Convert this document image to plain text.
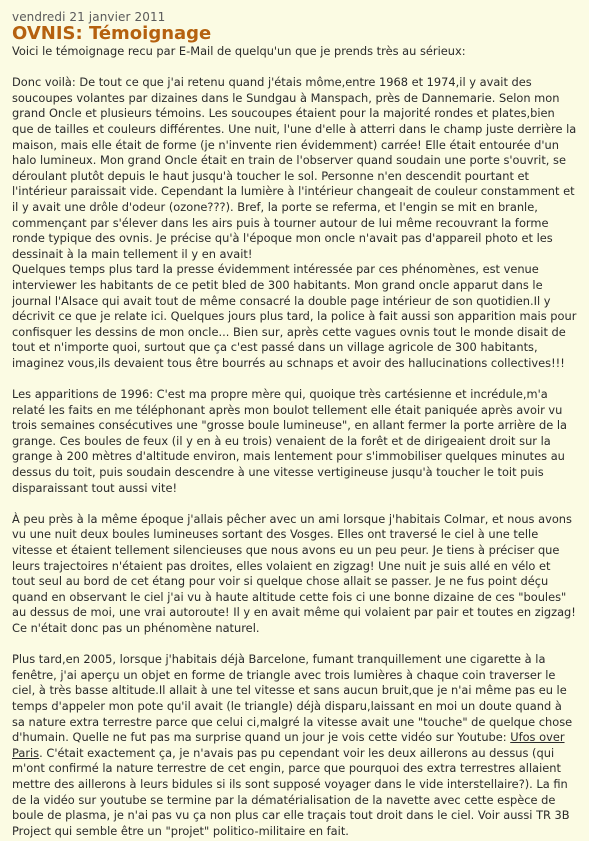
vendredi 21 janvier 2011
OVNIS: Témoignage

Voici le témoignage recu par E-Mail de quelqu'un que je prends très au sérieux:

Donc voilà: De tout ce que j'ai retenu quand j'étais môme,entre 1968 et 1974,il y avait des soucoupes volantes par dizaines dans le Sundgau à Manspach, près de Dannemarie. Selon mon grand Oncle et plusieurs témoins. Les soucoupes étaient pour la majorité rondes et plates,bien que de tailles et couleurs différentes. Une nuit, l'une d'elle à atterri dans le champ juste derrière la maison, mais elle était de forme (je n'invente rien évidemment) carrée! Elle était entourée d'un halo lumineux. Mon grand Oncle était en train de l'observer quand soudain une porte s'ouvrit, se déroulant plutôt depuis le haut jusqu'à toucher le sol. Personne n'en descendit pourtant et l'intérieur paraissait vide. Cependant la lumière à l'intérieur changeait de couleur constamment et il y avait une drôle d'odeur (ozone???). Bref, la porte se referma, et l'engin se mit en branle, commençant par s'élever dans les airs puis à tourner autour de lui même recouvrant la forme ronde typique des ovnis. Je précise qu'à l'époque mon oncle n'avait pas d'appareil photo et les dessinait à la main tellement il y en avait!

Quelques temps plus tard la presse évidemment intéressée par ces phénomènes, est venue interviewer les habitants de ce petit bled de 300 habitants. Mon grand oncle apparut dans le journal l'Alsace qui avait tout de même consacré la double page intérieur de son quotidien.Il y décrivit ce que je relate ici. Quelques jours plus tard, la police à fait aussi son apparition mais pour confisquer les dessins de mon oncle... Bien sur, après cette vagues ovnis tout le monde disait de tout et n'importe quoi, surtout que ça c'est passé dans un village agricole de 300 habitants, imaginez vous,ils devaient tous être bourrés au schnaps et avoir des hallucinations collectives!!!

Les apparitions de 1996: C'est ma propre mère qui, quoique très cartésienne et incrédule,m'a relaté les faits en me téléphonant après mon boulot tellement elle était paniquée après avoir vu trois semaines consécutives une "grosse boule lumineuse", en allant fermer la porte arrière de la grange. Ces boules de feux (il y en à eu trois) venaient de la forêt et de dirigeaient droit sur la grange à 200 mètres d'altitude environ, mais lentement pour s'immobiliser quelques minutes au dessus du toit, puis soudain descendre à une vitesse vertigineuse jusqu'à toucher le toit puis disparaissant tout aussi vite!

À peu près à la même époque j'allais pêcher avec un ami lorsque j'habitais Colmar, et nous avons vu une nuit deux boules lumineuses sortant des Vosges. Elles ont traversé le ciel à une telle vitesse et étaient tellement silencieuses que nous avons eu un peu peur. Je tiens à préciser que leurs trajectoires n'étaient pas droites, elles volaient en zigzag! Une nuit je suis allé en vélo et tout seul au bord de cet étang pour voir si quelque chose allait se passer. Je ne fus point déçu quand en observant le ciel j'ai vu à haute altitude cette fois ci une bonne dizaine de ces "boules" au dessus de moi, une vrai autoroute! Il y en avait même qui volaient par pair et toutes en zigzag! Ce n'était donc pas un phénomène naturel.

Plus tard,en 2005, lorsque j'habitais déjà Barcelone, fumant tranquillement une cigarette à la fenêtre, j'ai aperçu un objet en forme de triangle avec trois lumières à chaque coin traverser le ciel, à très basse altitude.Il allait à une tel vitesse et sans aucun bruit,que je n'ai même pas eu le temps d'appeler mon pote qu'il avait (le triangle) déjà disparu,laissant en moi un doute quand à sa nature extra terrestre parce que celui ci,malgré la vitesse avait une "touche" de quelque chose d'humain. Quelle ne fut pas ma surprise quand un jour je vois cette vidéo sur Youtube: Ufos over Paris. C'était exactement ça, je n'avais pas pu cependant voir les deux aillerons au dessus (qui m'ont confirmé la nature terrestre de cet engin, parce que pourquoi des extra terrestres allaient mettre des aillerons à leurs bidules si ils sont supposé voyager dans le vide interstellaire?). La fin de la vidéo sur youtube se termine par la dématérialisation de la navette avec cette espèce de boule de plasma, je n'ai pas vu ça non plus car elle traçais tout droit dans le ciel. Voir aussi TR 3B Project qui semble être un "projet" politico-militaire en fait.
